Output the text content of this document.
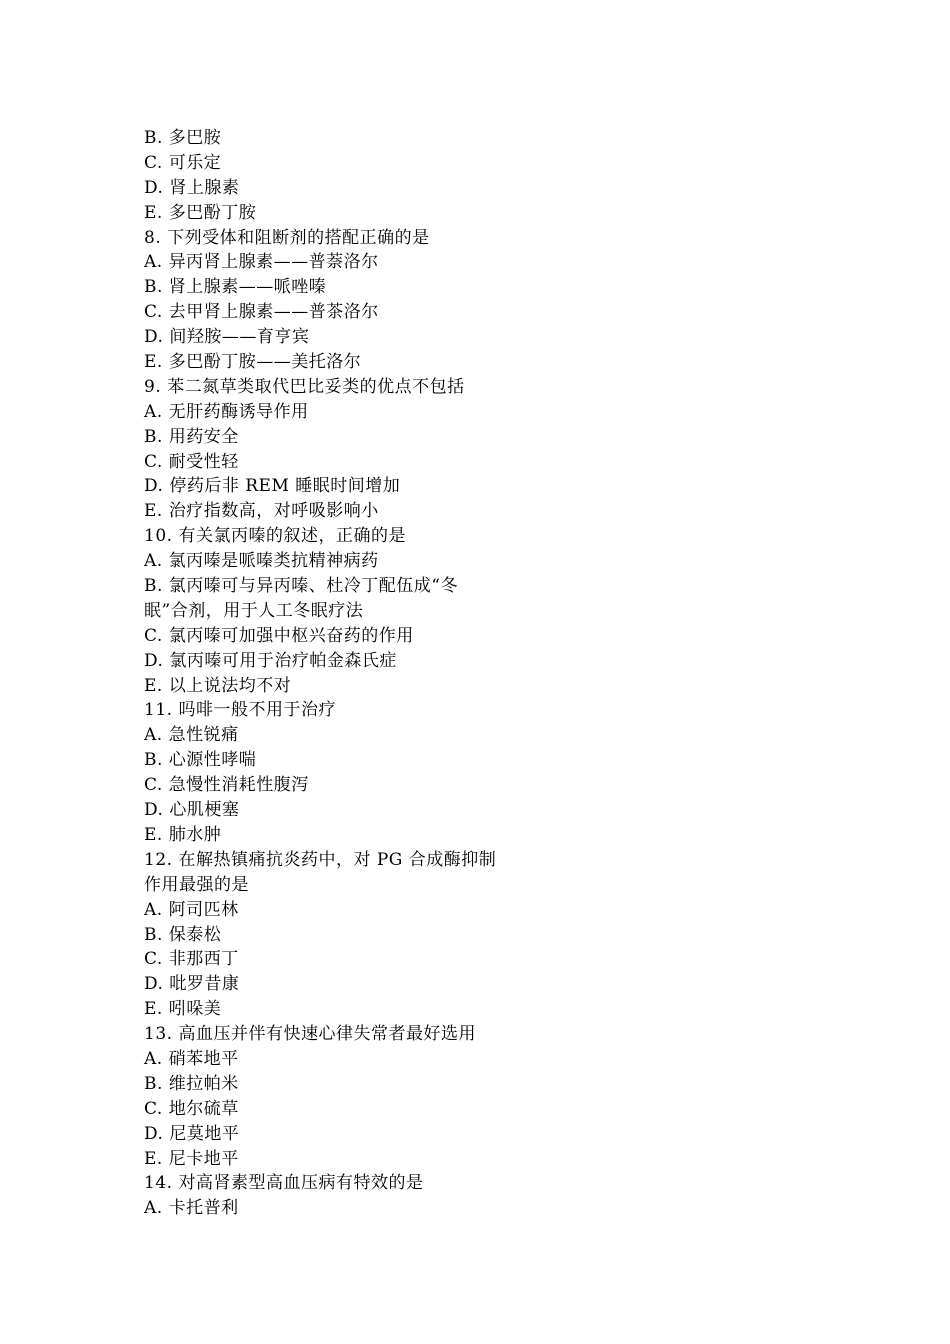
B. 多巴胺
C. 可乐定
D. 肾上腺素
E. 多巴酚丁胺
8. 下列受体和阻断剂的搭配正确的是
A. 异丙肾上腺素——普萘洛尔
B. 肾上腺素——哌唑嗪
C. 去甲肾上腺素——普茶洛尔
D. 间羟胺——育亨宾
E. 多巴酚丁胺——美托洛尔
9. 苯二氮草类取代巴比妥类的优点不包括
A. 无肝药酶诱导作用
B. 用药安全
C. 耐受性轻
D. 停药后非 REM 睡眠时间增加
E. 治疗指数高，对呼吸影响小
10. 有关氯丙嗪的叙述，正确的是
A. 氯丙嗪是哌嗪类抗精神病药
B. 氯丙嗪可与异丙嗪、杜冷丁配伍成“冬
眠”合剂，用于人工冬眠疗法
C. 氯丙嗪可加强中枢兴奋药的作用
D. 氯丙嗪可用于治疗帕金森氏症
E. 以上说法均不对
11. 吗啡一般不用于治疗
A. 急性锐痛
B. 心源性哮喘
C. 急慢性消耗性腹泻
D. 心肌梗塞
E. 肺水肿
12. 在解热镇痛抗炎药中，对 PG 合成酶抑制
作用最强的是
A. 阿司匹林
B. 保泰松
C. 非那西丁
D. 吡罗昔康
E. 吲哚美
13. 高血压并伴有快速心律失常者最好选用
A. 硝苯地平
B. 维拉帕米
C. 地尔硫草
D. 尼莫地平
E. 尼卡地平
14. 对高肾素型高血压病有特效的是
A. 卡托普利
